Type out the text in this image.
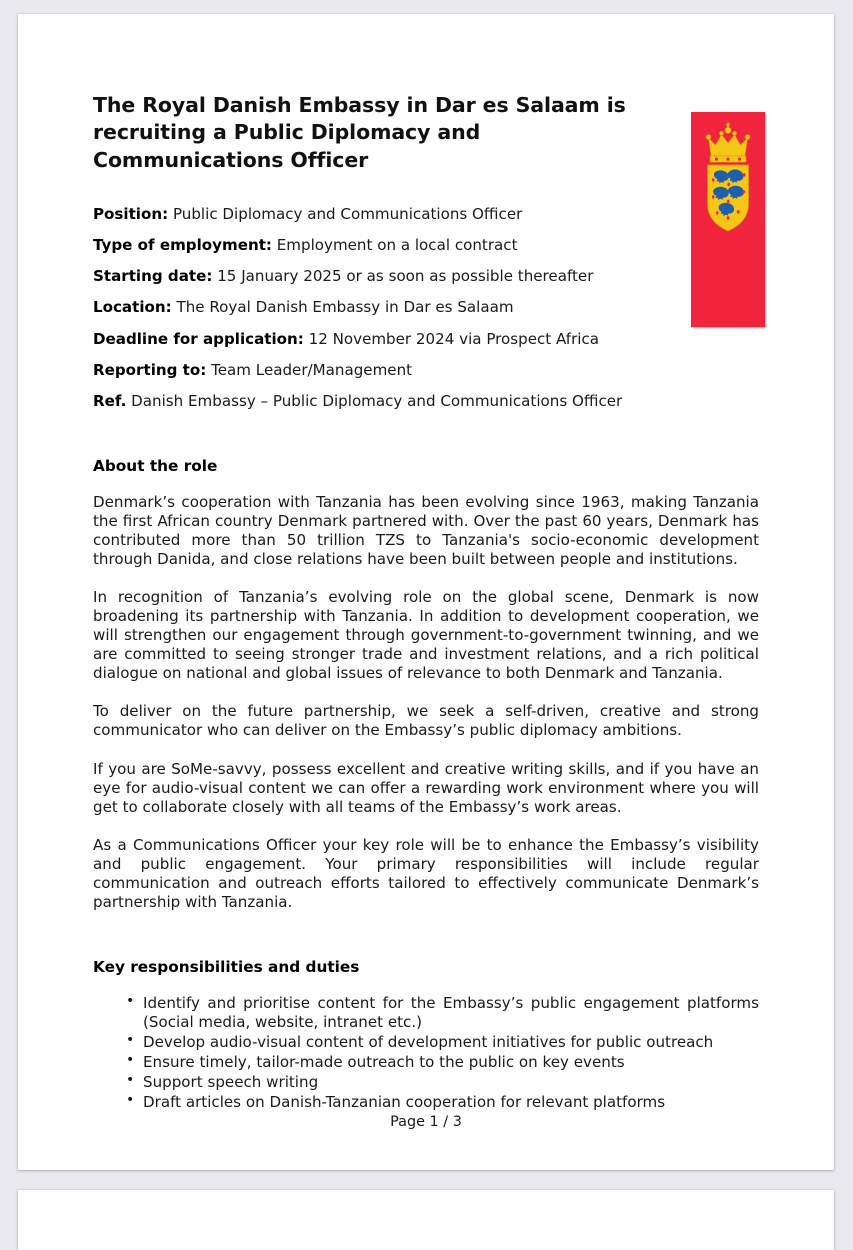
The Royal Danish Embassy in Dar es Salaam is recruiting a Public Diplomacy and Communications Officer
Position: Public Diplomacy and Communications Officer
Type of employment: Employment on a local contract
Starting date: 15 January 2025 or as soon as possible thereafter
Location: The Royal Danish Embassy in Dar es Salaam
Deadline for application: 12 November 2024 via Prospect Africa
Reporting to: Team Leader/Management
Ref. Danish Embassy – Public Diplomacy and Communications Officer
About the role

Denmark’s cooperation with Tanzania has been evolving since 1963, making Tanzania the first African country Denmark partnered with. Over the past 60 years, Denmark has contributed more than 50 trillion TZS to Tanzania's socio-economic development through Danida, and close relations have been built between people and institutions.

In recognition of Tanzania’s evolving role on the global scene, Denmark is now broadening its partnership with Tanzania. In addition to development cooperation, we will strengthen our engagement through government-to-government twinning, and we are committed to seeing stronger trade and investment relations, and a rich political dialogue on national and global issues of relevance to both Denmark and Tanzania.

To deliver on the future partnership, we seek a self-driven, creative and strong communicator who can deliver on the Embassy’s public diplomacy ambitions.

If you are SoMe-savvy, possess excellent and creative writing skills, and if you have an eye for audio-visual content we can offer a rewarding work environment where you will get to collaborate closely with all teams of the Embassy’s work areas.

As a Communications Officer your key role will be to enhance the Embassy’s visibility and public engagement. Your primary responsibilities will include regular communication and outreach efforts tailored to effectively communicate Denmark’s partnership with Tanzania.

Key responsibilities and duties
• Identify and prioritise content for the Embassy’s public engagement platforms (Social media, website, intranet etc.)
• Develop audio-visual content of development initiatives for public outreach
• Ensure timely, tailor-made outreach to the public on key events
• Support speech writing
• Draft articles on Danish-Tanzanian cooperation for relevant platforms
Page 1 / 3
